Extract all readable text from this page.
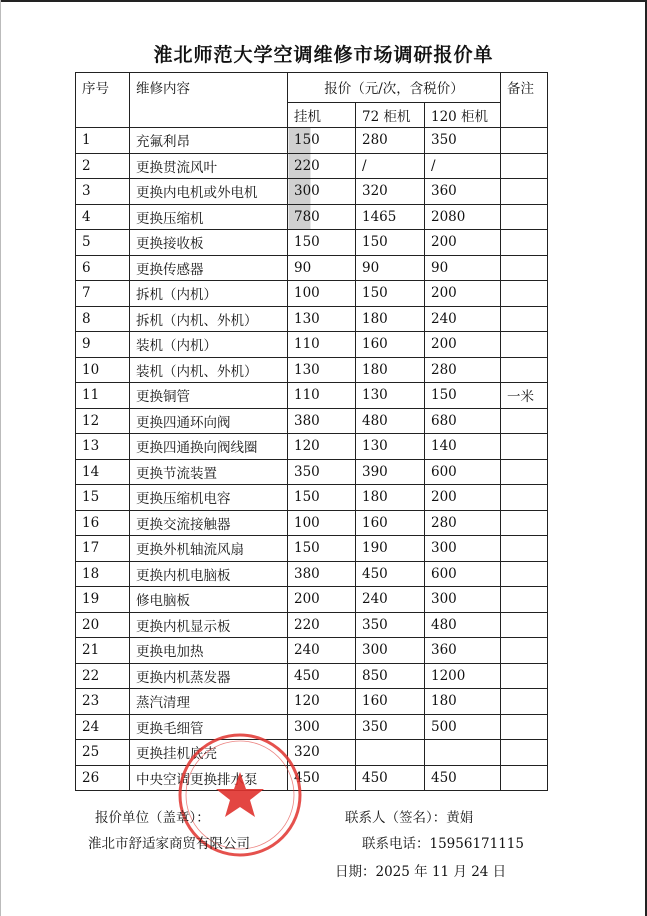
淮北师范大学空调维修市场调研报价单
序号	维修内容	报价（元/次，含税价）			备注
		挂机	72 柜机	120 柜机	
1	充氟利昂	150	280	350	
2	更换贯流风叶	220	/	/	
3	更换内电机或外电机	300	320	360	
4	更换压缩机	780	1465	2080	
5	更换接收板	150	150	200	
6	更换传感器	90	90	90	
7	拆机（内机）	100	150	200	
8	拆机（内机、外机）	130	180	240	
9	装机（内机）	110	160	200	
10	装机（内机、外机）	130	180	280	
11	更换铜管	110	130	150	一米
12	更换四通环向阀	380	480	680	
13	更换四通换向阀线圈	120	130	140	
14	更换节流装置	350	390	600	
15	更换压缩机电容	150	180	200	
16	更换交流接触器	100	160	280	
17	更换外机轴流风扇	150	190	300	
18	更换内机电脑板	380	450	600	
19	修电脑板	200	240	300	
20	更换内机显示板	220	350	480	
21	更换电加热	240	300	360	
22	更换内机蒸发器	450	850	1200	
23	蒸汽清理	120	160	180	
24	更换毛细管	300	350	500	
25	更换挂机底壳	320			
26	中央空调更换排水泵	450	450	450	
报价单位（盖章）：
淮北市舒适家商贸有限公司
联系人（签名）：黄娟
联系电话：15956171115
日期：2025 年 11 月 24 日
